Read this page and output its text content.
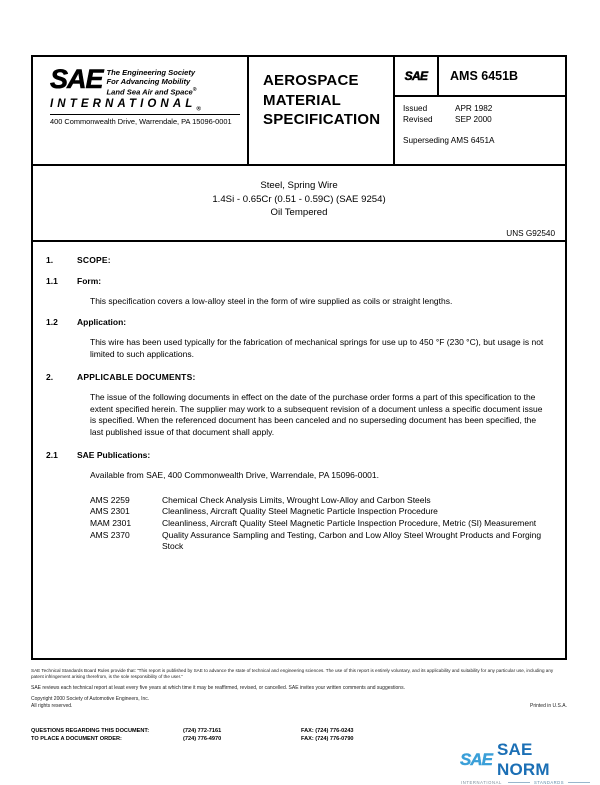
SAE The Engineering Society
For Advancing Mobility
Land Sea Air and Space®
$INTERNATIONAL_®$
400 Commonwealth Drive, Warrendale, PA 15096-0001
AEROSPACE
MATERIAL
SPECIFICATION
SAE	AMS 6451B
Issued	APR 1982
Revised	SEP 2000
Superseding AMS 6451A
Steel, Spring Wire
1.4Si - 0.65Cr (0.51 - 0.59C) (SAE 9254)
Oil Tempered
UNS G92540
1.	SCOPE:
1.1	Form:
This specification covers a low-alloy steel in the form of wire supplied as coils or straight lengths.
1.2	Application:
This wire has been used typically for the fabrication of mechanical springs for use up to 450 °F (230 °C), but usage is not limited to such applications.
2.	APPLICABLE DOCUMENTS:
The issue of the following documents in effect on the date of the purchase order forms a part of this specification to the extent specified herein. The supplier may work to a subsequent revision of a document unless a specific document issue is specified. When the referenced document has been canceled and no superseding document has been specified, the last published issue of that document shall apply.
2.1	SAE Publications:
Available from SAE, 400 Commonwealth Drive, Warrendale, PA 15096-0001.
AMS 2259	Chemical Check Analysis Limits, Wrought Low-Alloy and Carbon Steels
AMS 2301	Cleanliness, Aircraft Quality Steel Magnetic Particle Inspection Procedure
MAM 2301	Cleanliness, Aircraft Quality Steel Magnetic Particle Inspection Procedure, Metric (SI) Measurement
AMS 2370	Quality Assurance Sampling and Testing, Carbon and Low Alloy Steel Wrought Products and Forging Stock
SAE Technical Standards Board Rules provide that: “This report is published by SAE to advance the state of technical and engineering sciences. The use of this report is entirely voluntary, and its applicability and suitability for any particular use, including any patent infringement arising therefrom, is the sole responsibility of the user.”
SAE reviews each technical report at least every five years at which time it may be reaffirmed, revised, or cancelled. SAE invites your written comments and suggestions.
Copyright 2000 Society of Automotive Engineers, Inc.
All rights reserved.	Printed in U.S.A.
QUESTIONS REGARDING THIS DOCUMENT:	(724) 772-7161	FAX: (724) 776-0243
TO PLACE A DOCUMENT ORDER:	(724) 776-4970	FAX: (724) 776-0790
SAE
SAE NORM
INTERNATIONAL	STANDARDS
